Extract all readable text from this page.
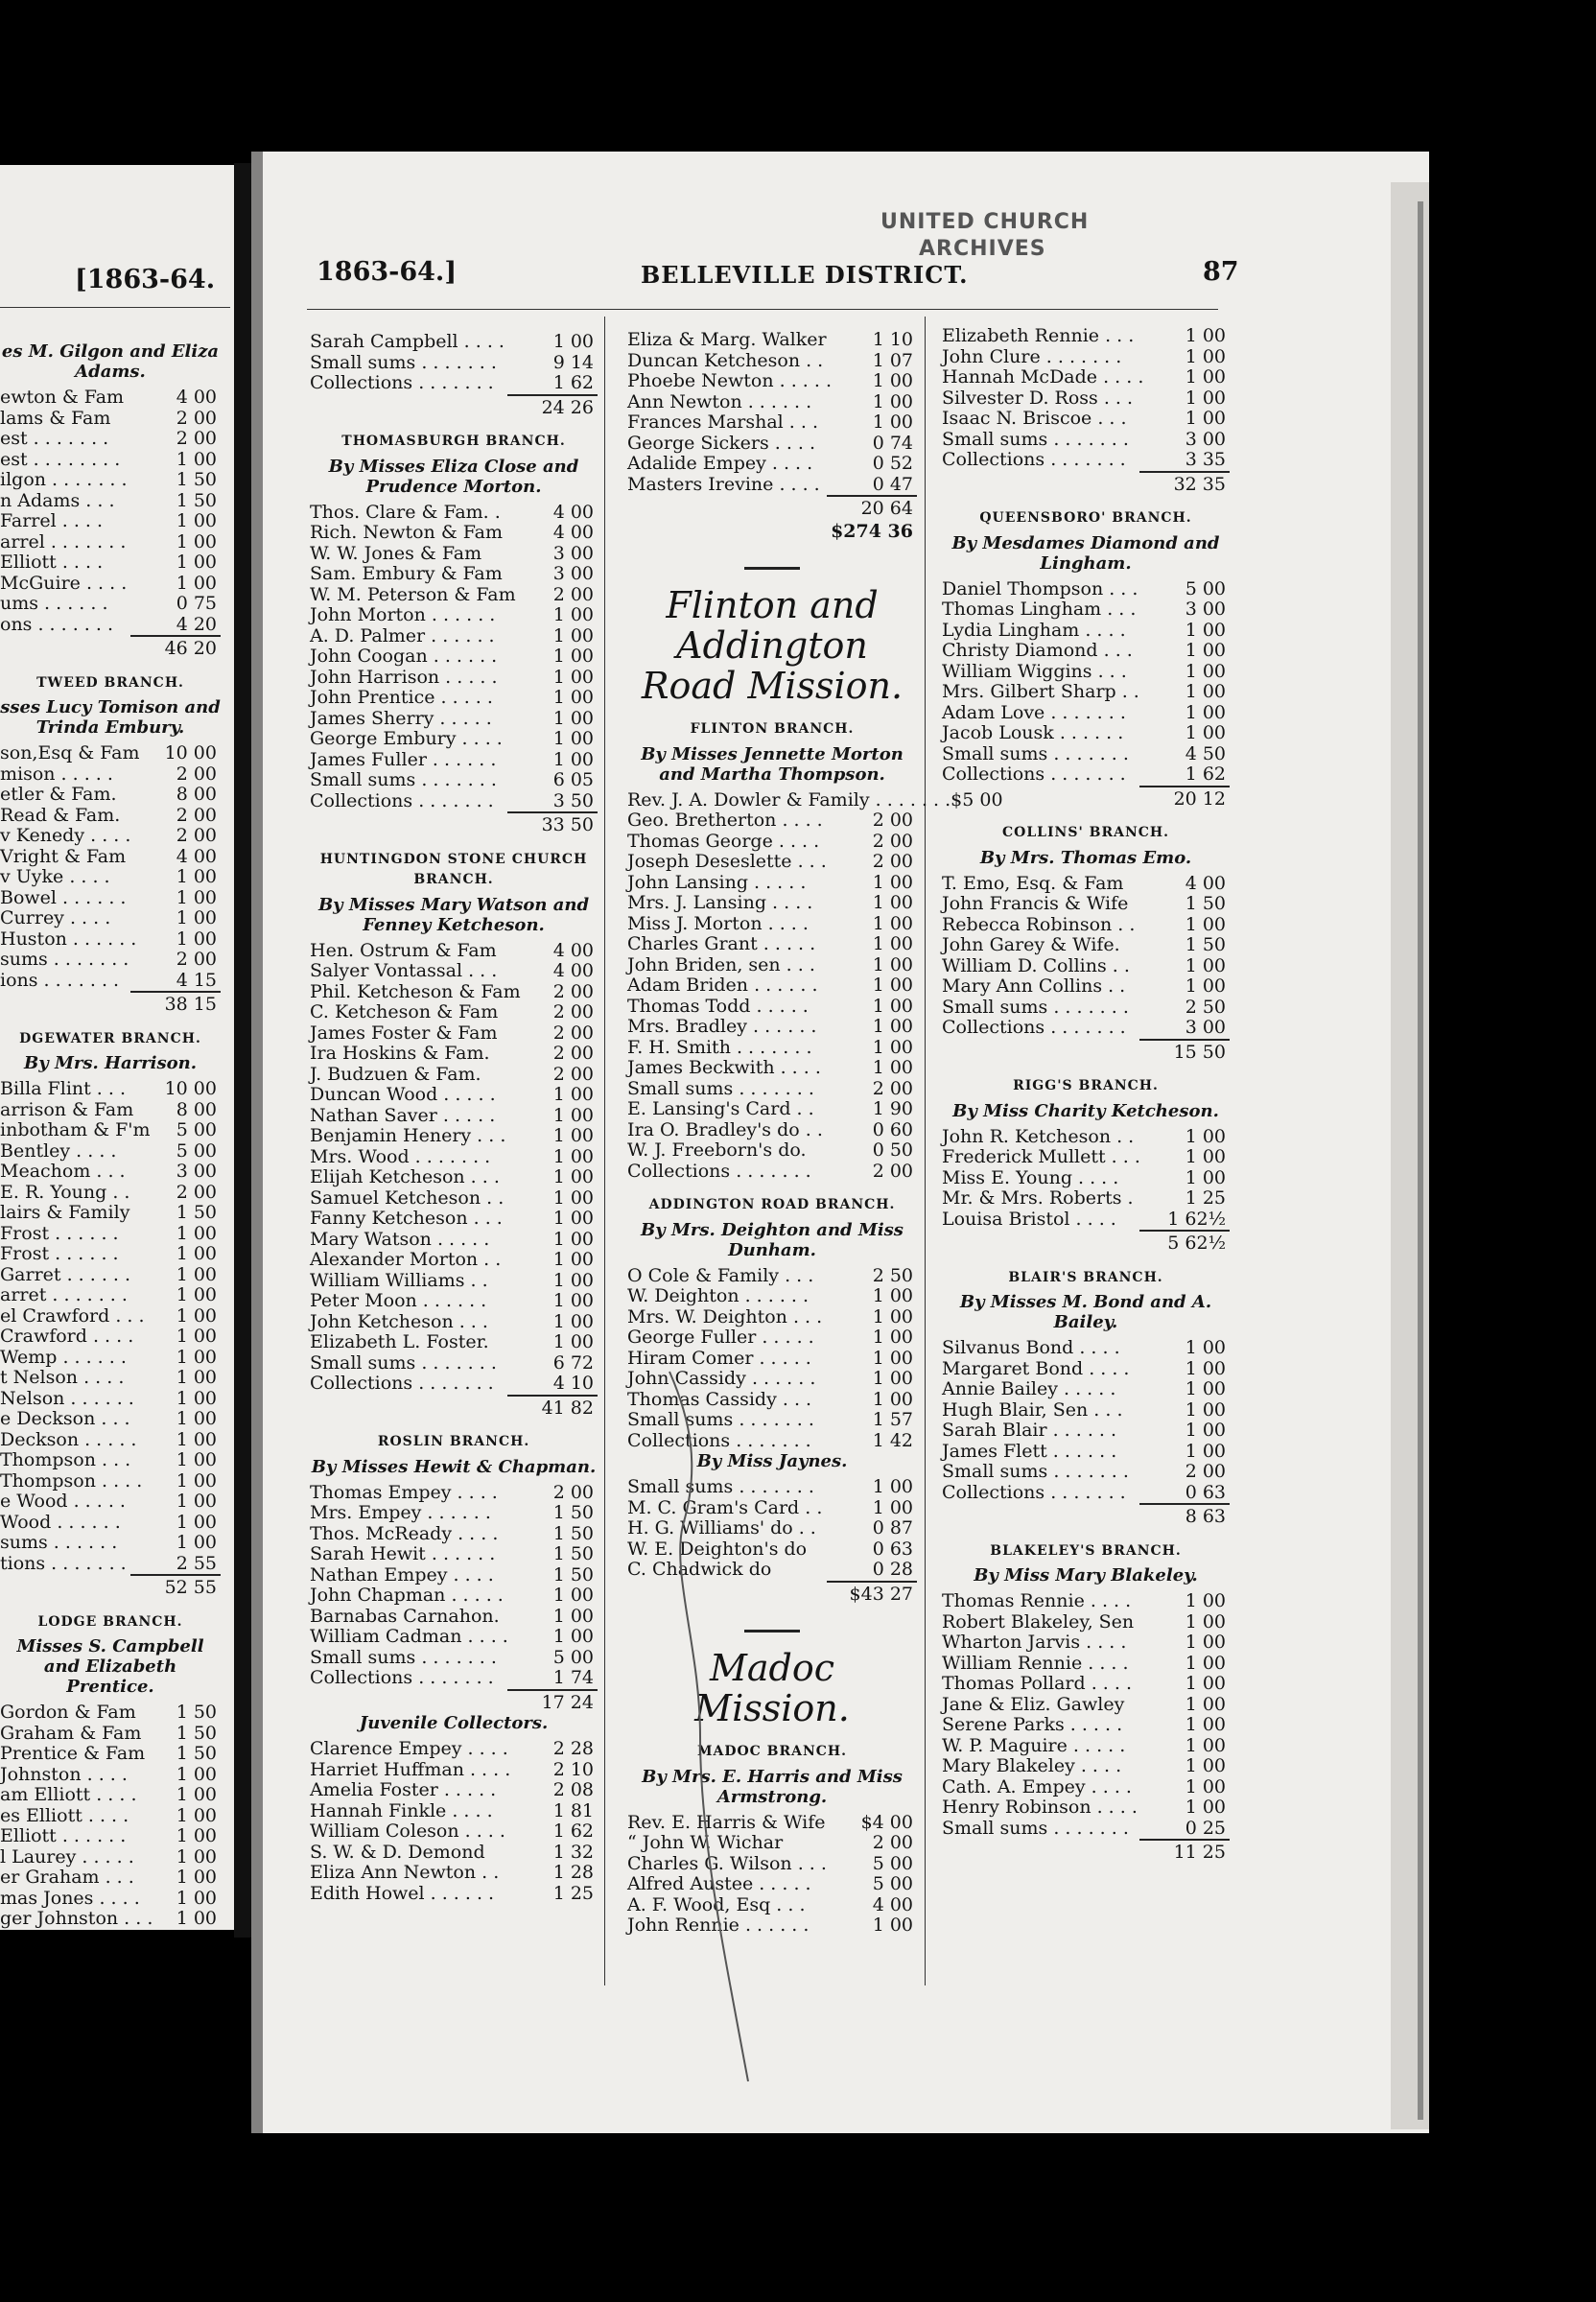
[1863-64.
es M. Gilgon and Eliza Adams.
ewton & Fam	4 00
lams & Fam	2 00
est . . . . . . .	2 00
est . . . . . . . .	1 00
ilgon . . . . . . .	1 50
n Adams . . .	1 50
Farrel . . . .	1 00
arrel . . . . . . .	1 00
Elliott . . . .	1 00
McGuire . . . .	1 00
ums . . . . . .	0 75
ons . . . . . . .	4 20
46 20
TWEED BRANCH.
sses Lucy Tomison and Trinda Embury.
son,Esq & Fam	10 00
mison . . . . .	2 00
etler & Fam.	8 00
Read & Fam.	2 00
v Kenedy . . . .	2 00
Vright & Fam	4 00
v Uyke . . . .	1 00
Bowel . . . . . .	1 00
Currey . . . .	1 00
Huston . . . . . .	1 00
sums . . . . . . .	2 00
ions . . . . . . .	4 15
38 15
DGEWATER BRANCH.
By Mrs. Harrison.
Billa Flint . . .	10 00
arrison & Fam	8 00
inbotham & F'm	5 00
Bentley . . . .	5 00
Meachom . . .	3 00
E. R. Young . .	2 00
lairs & Family	1 50
Frost . . . . . .	1 00
Frost . . . . . .	1 00
Garret . . . . . .	1 00
arret . . . . . . .	1 00
el Crawford . . .	1 00
Crawford . . . .	1 00
Wemp . . . . . .	1 00
t Nelson . . . .	1 00
Nelson . . . . . .	1 00
e Deckson . . .	1 00
Deckson . . . . .	1 00
Thompson . . .	1 00
Thompson . . . .	1 00
e Wood . . . . .	1 00
Wood . . . . . .	1 00
sums . . . . . .	1 00
tions . . . . . . .	2 55
52 55
LODGE BRANCH.
Misses S. Campbell and Elizabeth Prentice.
Gordon & Fam	1 50
Graham & Fam	1 50
Prentice & Fam	1 50
Johnston . . . .	1 00
am Elliott . . . .	1 00
es Elliott . . . .	1 00
Elliott . . . . . .	1 00
l Laurey . . . . .	1 00
er Graham . . .	1 00
mas Jones . . . .	1 00
ger Johnston . . .	1 00
UNITED CHURCH
ARCHIVES
1863-64.]	BELLEVILLE DISTRICT.	87
Sarah Campbell . . . .	1 00
Small sums . . . . . . .	9 14
Collections . . . . . . .	1 62
24 26
THOMASBURGH BRANCH.
By Misses Eliza Close and Prudence Morton.
Thos. Clare & Fam. .	4 00
Rich. Newton & Fam	4 00
W. W. Jones & Fam	3 00
Sam. Embury & Fam	3 00
W. M. Peterson & Fam	2 00
John Morton . . . . . .	1 00
A. D. Palmer . . . . . .	1 00
John Coogan . . . . . .	1 00
John Harrison . . . . .	1 00
John Prentice . . . . .	1 00
James Sherry . . . . .	1 00
George Embury . . . .	1 00
James Fuller . . . . . .	1 00
Small sums . . . . . . .	6 05
Collections . . . . . . .	3 50
33 50
HUNTINGDON STONE CHURCH BRANCH.
By Misses Mary Watson and Fenney Ketcheson.
Hen. Ostrum & Fam	4 00
Salyer Vontassal . . .	4 00
Phil. Ketcheson & Fam	2 00
C. Ketcheson & Fam	2 00
James Foster & Fam	2 00
Ira Hoskins & Fam.	2 00
J. Budzuen & Fam.	2 00
Duncan Wood . . . . .	1 00
Nathan Saver . . . . .	1 00
Benjamin Henery . . .	1 00
Mrs. Wood . . . . . . .	1 00
Elijah Ketcheson . . .	1 00
Samuel Ketcheson . .	1 00
Fanny Ketcheson . . .	1 00
Mary Watson . . . . .	1 00
Alexander Morton . .	1 00
William Williams . .	1 00
Peter Moon . . . . . .	1 00
John Ketcheson . . .	1 00
Elizabeth L. Foster.	1 00
Small sums . . . . . . .	6 72
Collections . . . . . . .	4 10
41 82
ROSLIN BRANCH.
By Misses Hewit & Chapman.
Thomas Empey . . . .	2 00
Mrs. Empey . . . . . .	1 50
Thos. McReady . . . .	1 50
Sarah Hewit . . . . . .	1 50
Nathan Empey . . . .	1 50
John Chapman . . . . .	1 00
Barnabas Carnahon.	1 00
William Cadman . . . .	1 00
Small sums . . . . . . .	5 00
Collections . . . . . . .	1 74
17 24
Juvenile Collectors.
Clarence Empey . . . .	2 28
Harriet Huffman . . . .	2 10
Amelia Foster . . . . .	2 08
Hannah Finkle . . . .	1 81
William Coleson . . . .	1 62
S. W. & D. Demond	1 32
Eliza Ann Newton . .	1 28
Edith Howel . . . . . .	1 25
Eliza & Marg. Walker	1 10
Duncan Ketcheson . .	1 07
Phoebe Newton . . . . .	1 00
Ann Newton . . . . . .	1 00
Frances Marshal . . .	1 00
George Sickers . . . .	0 74
Adalide Empey . . . .	0 52
Masters Irevine . . . .	0 47
20 64
$274 36
Flinton and Addington Road Mission.
FLINTON BRANCH.
By Misses Jennette Morton and Martha Thompson.
Rev. J. A. Dowler & Family . . . . . . . $5 00
Geo. Bretherton . . . .	2 00
Thomas George . . . .	2 00
Joseph Deseslette . . .	2 00
John Lansing . . . . .	1 00
Mrs. J. Lansing . . . .	1 00
Miss J. Morton . . . .	1 00
Charles Grant . . . . .	1 00
John Briden, sen . . .	1 00
Adam Briden . . . . . .	1 00
Thomas Todd . . . . .	1 00
Mrs. Bradley . . . . . .	1 00
F. H. Smith . . . . . . .	1 00
James Beckwith . . . .	1 00
Small sums . . . . . . .	2 00
E. Lansing's Card . .	1 90
Ira O. Bradley's do . .	0 60
W. J. Freeborn's do.	0 50
Collections . . . . . . .	2 00
ADDINGTON ROAD BRANCH.
By Mrs. Deighton and Miss Dunham.
O Cole & Family . . .	2 50
W. Deighton . . . . . .	1 00
Mrs. W. Deighton . . .	1 00
George Fuller . . . . .	1 00
Hiram Comer . . . . .	1 00
John Cassidy . . . . . .	1 00
Thomas Cassidy . . .	1 00
Small sums . . . . . . .	1 57
Collections . . . . . . .	1 42
By Miss Jaynes.
Small sums . . . . . . .	1 00
M. C. Gram's Card . .	1 00
H. G. Williams' do . .	0 87
W. E. Deighton's do	0 63
C. Chadwick do	0 28
$43 27
Madoc Mission.
MADOC BRANCH.
By Mrs. E. Harris and Miss Armstrong.
Rev. E. Harris & Wife	$4 00
“ John W. Wichar	2 00
Charles G. Wilson . . .	5 00
Alfred Austee . . . . .	5 00
A. F. Wood, Esq . . .	4 00
John Rennie . . . . . .	1 00
Elizabeth Rennie . . .	1 00
John Clure . . . . . . .	1 00
Hannah McDade . . . .	1 00
Silvester D. Ross . . .	1 00
Isaac N. Briscoe . . .	1 00
Small sums . . . . . . .	3 00
Collections . . . . . . .	3 35
32 35
QUEENSBORO' BRANCH.
By Mesdames Diamond and Lingham.
Daniel Thompson . . .	5 00
Thomas Lingham . . .	3 00
Lydia Lingham . . . .	1 00
Christy Diamond . . .	1 00
William Wiggins . . .	1 00
Mrs. Gilbert Sharp . .	1 00
Adam Love . . . . . . .	1 00
Jacob Lousk . . . . . .	1 00
Small sums . . . . . . .	4 50
Collections . . . . . . .	1 62
20 12
COLLINS' BRANCH.
By Mrs. Thomas Emo.
T. Emo, Esq. & Fam	4 00
John Francis & Wife	1 50
Rebecca Robinson . .	1 00
John Garey & Wife.	1 50
William D. Collins . .	1 00
Mary Ann Collins . .	1 00
Small sums . . . . . . .	2 50
Collections . . . . . . .	3 00
15 50
RIGG'S BRANCH.
By Miss Charity Ketcheson.
John R. Ketcheson . .	1 00
Frederick Mullett . . .	1 00
Miss E. Young . . . .	1 00
Mr. & Mrs. Roberts .	1 25
Louisa Bristol . . . .	1 62½
5 62½
BLAIR'S BRANCH.
By Misses M. Bond and A. Bailey.
Silvanus Bond . . . .	1 00
Margaret Bond . . . .	1 00
Annie Bailey . . . . .	1 00
Hugh Blair, Sen . . .	1 00
Sarah Blair . . . . . .	1 00
James Flett . . . . . .	1 00
Small sums . . . . . . .	2 00
Collections . . . . . . .	0 63
8 63
BLAKELEY'S BRANCH.
By Miss Mary Blakeley.
Thomas Rennie . . . .	1 00
Robert Blakeley, Sen	1 00
Wharton Jarvis . . . .	1 00
William Rennie . . . .	1 00
Thomas Pollard . . . .	1 00
Jane & Eliz. Gawley	1 00
Serene Parks . . . . .	1 00
W. P. Maguire . . . . .	1 00
Mary Blakeley . . . .	1 00
Cath. A. Empey . . . .	1 00
Henry Robinson . . . .	1 00
Small sums . . . . . . .	0 25
11 25
